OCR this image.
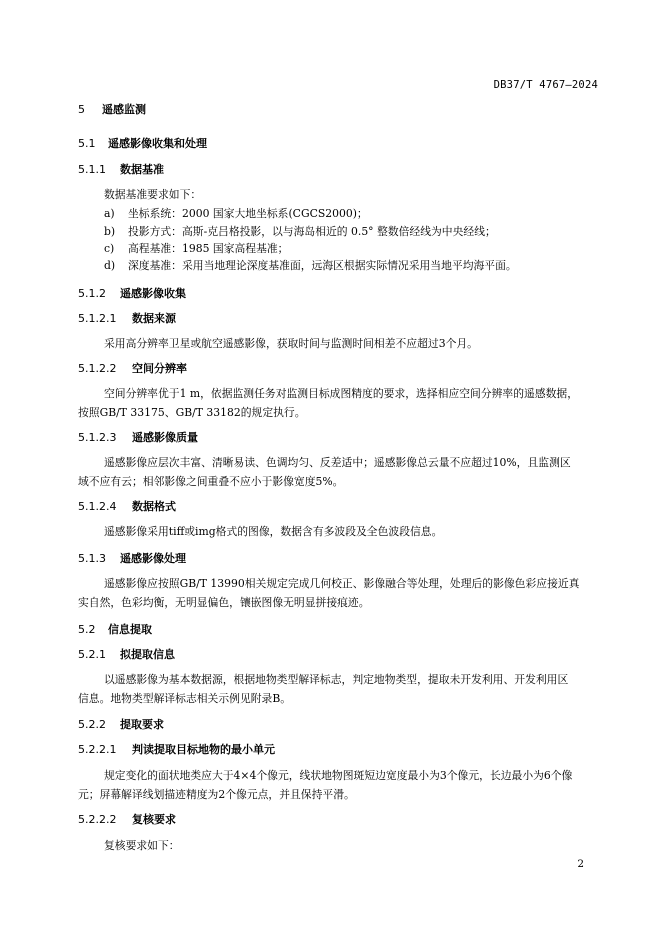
DB37/T 4767—2024
5 遥感监测
5.1 遥感影像收集和处理
5.1.1 数据基准
数据基准要求如下：
a) 坐标系统：2000 国家大地坐标系(CGCS2000)；
b) 投影方式：高斯-克吕格投影，以与海岛相近的 0.5° 整数倍经线为中央经线；
c) 高程基准：1985 国家高程基准；
d) 深度基准：采用当地理论深度基准面，远海区根据实际情况采用当地平均海平面。
5.1.2 遥感影像收集
5.1.2.1 数据来源
采用高分辨率卫星或航空遥感影像，获取时间与监测时间相差不应超过3个月。
5.1.2.2 空间分辨率
空间分辨率优于1 m，依据监测任务对监测目标成图精度的要求，选择相应空间分辨率的遥感数据，
按照GB/T 33175、GB/T 33182的规定执行。
5.1.2.3 遥感影像质量
遥感影像应层次丰富、清晰易读、色调均匀、反差适中；遥感影像总云量不应超过10%，且监测区
域不应有云；相邻影像之间重叠不应小于影像宽度5%。
5.1.2.4 数据格式
遥感影像采用tiff或img格式的图像，数据含有多波段及全色波段信息。
5.1.3 遥感影像处理
遥感影像应按照GB/T 13990相关规定完成几何校正、影像融合等处理，处理后的影像色彩应接近真
实自然，色彩均衡，无明显偏色，镶嵌图像无明显拼接痕迹。
5.2 信息提取
5.2.1 拟提取信息
以遥感影像为基本数据源，根据地物类型解译标志，判定地物类型，提取未开发利用、开发利用区
信息。地物类型解译标志相关示例见附录B。
5.2.2 提取要求
5.2.2.1 判读提取目标地物的最小单元
规定变化的面状地类应大于4×4个像元，线状地物图斑短边宽度最小为3个像元，长边最小为6个像
元；屏幕解译线划描迹精度为2个像元点，并且保持平滑。
5.2.2.2 复核要求
复核要求如下：
2
